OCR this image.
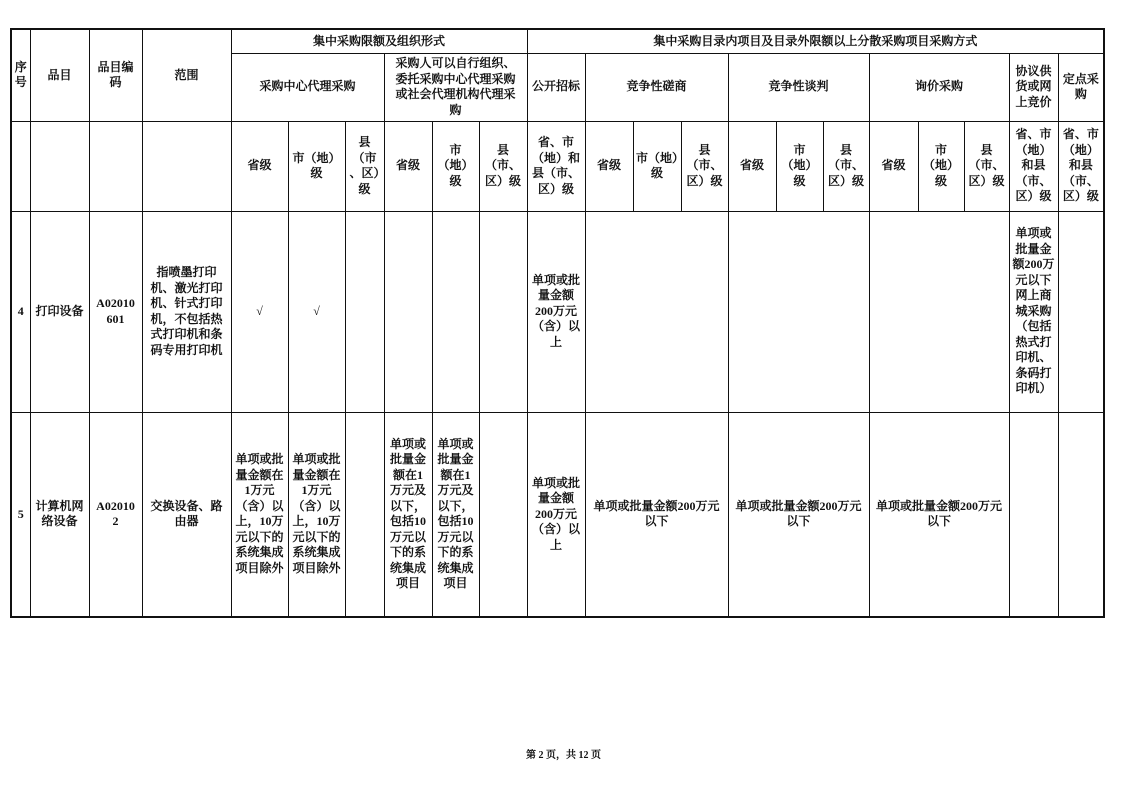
序号	品目	品目编码	范围	集中采购限额及组织形式						集中采购目录内项目及目录外限额以上分散采购项目采购方式											
				采购中心代理采购			采购人可以自行组织、委托采购中心代理采购或社会代理机构代理采购			公开招标	竞争性磋商			竞争性谈判			询价采购			协议供货或网上竞价	定点采购
				省级	市（地）级	县（市、区）级	省级	市（地）级	县（市、区）级	省、市（地）和县（市、区）级	省级	市（地）级	县（市、区）级	省级	市（地）级	县（市、区）级	省级	市（地）级	县（市、区）级	省、市（地）和县（市、区）级	省、市（地）和县（市、区）级
4	打印设备	A02010601	指喷墨打印机、激光打印机、针式打印机，不包括热式打印机和条码专用打印机	√	√					单项或批量金额200万元（含）以上										单项或批量金额200万元以下网上商城采购（包括热式打印机、条码打印机）	
5	计算机网络设备	A020102	交换设备、路由器	单项或批量金额在1万元（含）以上，10万元以下的系统集成项目除外	单项或批量金额在1万元（含）以上，10万元以下的系统集成项目除外		单项或批量金额在1万元及以下，包括10万元以下的系统集成项目	单项或批量金额在1万元及以下，包括10万元以下的系统集成项目		单项或批量金额200万元（含）以上	单项或批量金额200万元以下			单项或批量金额200万元以下			单项或批量金额200万元以下				
第 2 页，共 12 页
